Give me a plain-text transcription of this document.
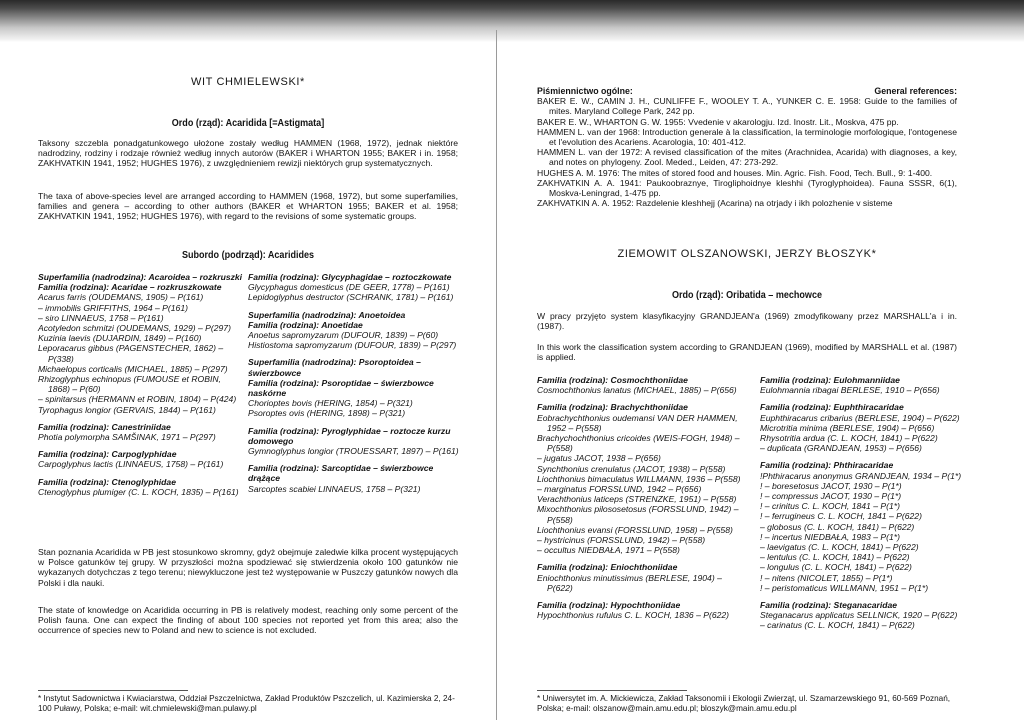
WIT CHMIELEWSKI*
Ordo (rząd): Acaridida [=Astigmata]

Taksony szczebla ponadgatunkowego ułożone zostały według HAMMEN (1968, 1972), jednak niektóre nadrodziny, rodziny i rodzaje również według innych autorów (BAKER i WHARTON 1955; BAKER i in. 1958; ZAKHVATKIN 1941, 1952; HUGHES 1976), z uwzględnieniem rewizji niektórych grup systematycznych.

The taxa of above-species level are arranged according to HAMMEN (1968, 1972), but some superfamilies, families and genera – according to other authors (BAKER et WHARTON 1955; BAKER et al. 1958; ZAKHVATKIN 1941, 1952; HUGHES 1976), with regard to the revisions of some systematic groups.

Subordo (podrząd): Acaridides
Superfamilia (nadrodzina): Acaroidea – rozkruszki
Familia (rodzina): Acaridae – rozkruszkowate
Acarus farris (OUDEMANS, 1905) – P(161)
– immobilis GRIFFITHS, 1964 – P(161)
– siro LINNAEUS, 1758 – P(161)
Acotyledon schmitzi (OUDEMANS, 1929) – P(297)
Kuzinia laevis (DUJARDIN, 1849) – P(160)
Leporacarus gibbus (PAGENSTECHER, 1862) – P(338)
Michaelopus corticalis (MICHAEL, 1885) – P(297)
Rhizoglyphus echinopus (FUMOUSE et ROBIN, 1868) – P(60)
– spinitarsus (HERMANN et ROBIN, 1804) – P(424)
Tyrophagus longior (GERVAIS, 1844) – P(161)
Familia (rodzina): Canestriniidae
Photia polymorpha SAMŠINAK, 1971 – P(297)
Familia (rodzina): Carpoglyphidae
Carpoglyphus lactis (LINNAEUS, 1758) – P(161)
Familia (rodzina): Ctenoglyphidae
Ctenoglyphus plumiger (C. L. KOCH, 1835) – P(161)
Familia (rodzina): Glycyphagidae – roztoczkowate
Glycyphagus domesticus (DE GEER, 1778) – P(161)
Lepidoglyphus destructor (SCHRANK, 1781) – P(161)
Superfamilia (nadrodzina): Anoetoidea
Familia (rodzina): Anoetidae
Anoetus sapromyzarum (DUFOUR, 1839) – P(60)
Histiostoma sapromyzarum (DUFOUR, 1839) – P(297)
Superfamilia (nadrodzina): Psoroptoidea – świerzbowce
Familia (rodzina): Psoroptidae – świerzbowce naskórne
Chorioptes bovis (HERING, 1854) – P(321)
Psoroptes ovis (HERING, 1898) – P(321)
Familia (rodzina): Pyroglyphidae – roztocze kurzu domowego
Gymnoglyphus longior (TROUESSART, 1897) – P(161)
Familia (rodzina): Sarcoptidae – świerzbowce drążące
Sarcoptes scabiei LINNAEUS, 1758 – P(321)

Stan poznania Acaridida w PB jest stosunkowo skromny, gdyż obejmuje zaledwie kilka procent występujących w Polsce gatunków tej grupy. W przyszłości można spodziewać się stwierdzenia około 100 gatunków nie wykazanych dotychczas z tego terenu; niewykluczone jest też występowanie w Puszczy gatunków nowych dla Polski i dla nauki.

The state of knowledge on Acaridida occurring in PB is relatively modest, reaching only some percent of the Polish fauna. One can expect the finding of about 100 species not reported yet from this area; also the occurrence of species new to Poland and new to science is not excluded.

* Instytut Sadownictwa i Kwiaciarstwa, Oddział Pszczelnictwa, Zakład Produktów Pszczelich, ul. Kazimierska 2, 24-100 Puławy, Polska; e-mail: wit.chmielewski@man.pulawy.pl
Piśmiennictwo ogólne:	General references:
BAKER E. W., CAMIN J. H., CUNLIFFE F., WOOLEY T. A., YUNKER C. E. 1958: Guide to the families of mites. Maryland College Park, 242 pp.
BAKER E. W., WHARTON G. W. 1955: Vvedenie v akarologju. Izd. Inostr. Lit., Moskva, 475 pp.
HAMMEN L. van der 1968: Introduction generale à la classification, la terminologie morfologique, l'ontogenese et l'evolution des Acariens. Acarologia, 10: 401-412.
HAMMEN L. van der 1972: A revised classification of the mites (Arachnidea, Acarida) with diagnoses, a key, and notes on phylogeny. Zool. Meded., Leiden, 47: 273-292.
HUGHES A. M. 1976: The mites of stored food and houses. Min. Agric. Fish. Food, Tech. Bull., 9: 1-400.
ZAKHVATKIN A. A. 1941: Paukoobraznye, Tirogliphoidnye kleshhi (Tyroglyphoidea). Fauna SSSR, 6(1), Moskva-Leningrad, 1-475 pp.
ZAKHVATKIN A. A. 1952: Razdelenie kleshhejj (Acarina) na otrjady i ikh polozhenie v sisteme
ZIEMOWIT OLSZANOWSKI, JERZY BŁOSZYK*
Ordo (rząd): Oribatida – mechowce

W pracy przyjęto system klasyfikacyjny GRANDJEAN'a (1969) zmodyfikowany przez MARSHALL'a i in. (1987).

In this work the classification system according to GRANDJEAN (1969), modified by MARSHALL et al. (1987) is applied.

Familia (rodzina): Cosmochthoniidae
Cosmochthonius lanatus (MICHAEL, 1885) – P(656)
Familia (rodzina): Brachychthoniidae
Eobrachychthonius oudemansi VAN DER HAMMEN, 1952 – P(558)
Brachychochthonius cricoides (WEIS-FOGH, 1948) – P(558)
– jugatus JACOT, 1938 – P(656)
Synchthonius crenulatus (JACOT, 1938) – P(558)
Liochthonius bimaculatus WILLMANN, 1936 – P(558)
– marginatus FORSSLUND, 1942 – P(656)
Verachthonius laticeps (STRENZKE, 1951) – P(558)
Mixochthonius pilososetosus (FORSSLUND, 1942) – P(558)
Liochthonius evansi (FORSSLUND, 1958) – P(558)
– hystricinus (FORSSLUND, 1942) – P(558)
– occultus NIEDBAŁA, 1971 – P(558)
Familia (rodzina): Eniochthoniidae
Eniochthonius minutissimus (BERLESE, 1904) – P(622)
Familia (rodzina): Hypochthoniidae
Hypochthonius rufulus C. L. KOCH, 1836 – P(622)
Familia (rodzina): Eulohmanniidae
Eulohmannia ribagai BERLESE, 1910 – P(656)
Familia (rodzina): Euphthiracaridae
Euphthiracarus cribarius (BERLESE, 1904) – P(622)
Microtritia minima (BERLESE, 1904) – P(656)
Rhysotritia ardua (C. L. KOCH, 1841) – P(622)
– duplicata (GRANDJEAN, 1953) – P(656)
Familia (rodzina): Phthiracaridae
!Phthiracarus anonymus GRANDJEAN, 1934 – P(1*)
! – boresetosus JACOT, 1930 – P(1*)
! – compressus JACOT, 1930 – P(1*)
! – crinitus C. L. KOCH, 1841 – P(1*)
! – ferrugineus C. L. KOCH, 1841 – P(622)
– globosus (C. L. KOCH, 1841) – P(622)
! – incertus NIEDBAŁA, 1983 – P(1*)
– laevigatus (C. L. KOCH, 1841) – P(622)
– lentulus (C. L. KOCH, 1841) – P(622)
– longulus (C. L. KOCH, 1841) – P(622)
! – nitens (NICOLET, 1855) – P(1*)
! – peristomaticus WILLMANN, 1951 – P(1*)
Familia (rodzina): Steganacaridae
Steganacarus applicatus SELLNICK, 1920 – P(622)
– carinatus (C. L. KOCH, 1841) – P(622)
* Uniwersytet im. A. Mickiewicza, Zakład Taksonomii i Ekologii Zwierząt, ul. Szamarzewskiego 91, 60-569 Poznań, Polska; e-mail: olszanow@main.amu.edu.pl; bloszyk@main.amu.edu.pl
